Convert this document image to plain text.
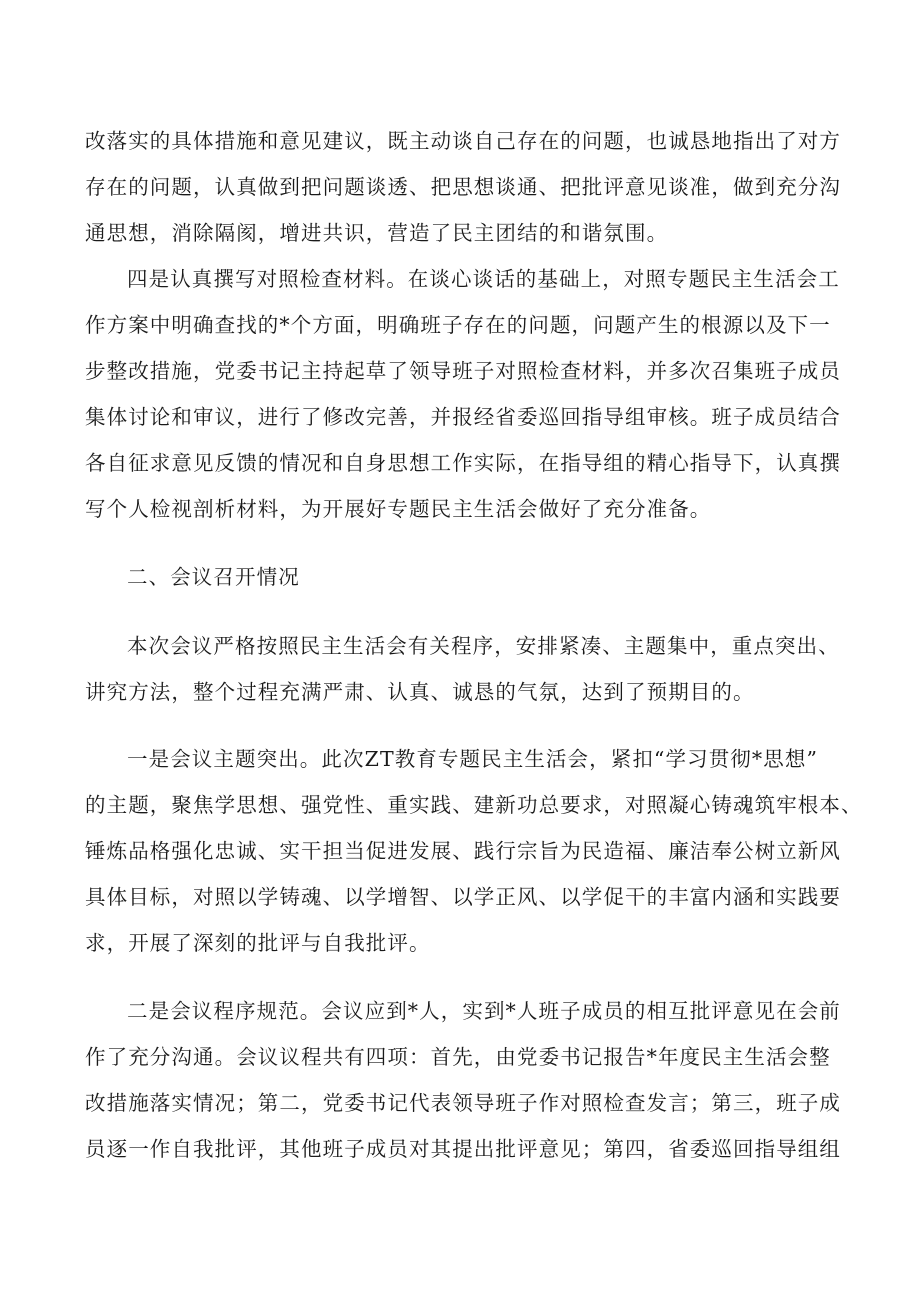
改落实的具体措施和意见建议，既主动谈自己存在的问题，也诚恳地指出了对方
存在的问题，认真做到把问题谈透、把思想谈通、把批评意见谈准，做到充分沟
通思想，消除隔阂，增进共识，营造了民主团结的和谐氛围。
四是认真撰写对照检查材料。在谈心谈话的基础上，对照专题民主生活会工
作方案中明确查找的*个方面，明确班子存在的问题，问题产生的根源以及下一
步整改措施，党委书记主持起草了领导班子对照检查材料，并多次召集班子成员
集体讨论和审议，进行了修改完善，并报经省委巡回指导组审核。班子成员结合
各自征求意见反馈的情况和自身思想工作实际，在指导组的精心指导下，认真撰
写个人检视剖析材料，为开展好专题民主生活会做好了充分准备。
二、会议召开情况
本次会议严格按照民主生活会有关程序，安排紧凑、主题集中，重点突出、
讲究方法，整个过程充满严肃、认真、诚恳的气氛，达到了预期目的。
一是会议主题突出。此次ZT教育专题民主生活会，紧扣“学习贯彻*思想”
的主题，聚焦学思想、强党性、重实践、建新功总要求，对照凝心铸魂筑牢根本、
锤炼品格强化忠诚、实干担当促进发展、践行宗旨为民造福、廉洁奉公树立新风
具体目标，对照以学铸魂、以学增智、以学正风、以学促干的丰富内涵和实践要
求，开展了深刻的批评与自我批评。
二是会议程序规范。会议应到*人，实到*人班子成员的相互批评意见在会前
作了充分沟通。会议议程共有四项：首先，由党委书记报告*年度民主生活会整
改措施落实情况；第二，党委书记代表领导班子作对照检查发言；第三，班子成
员逐一作自我批评，其他班子成员对其提出批评意见；第四，省委巡回指导组组
